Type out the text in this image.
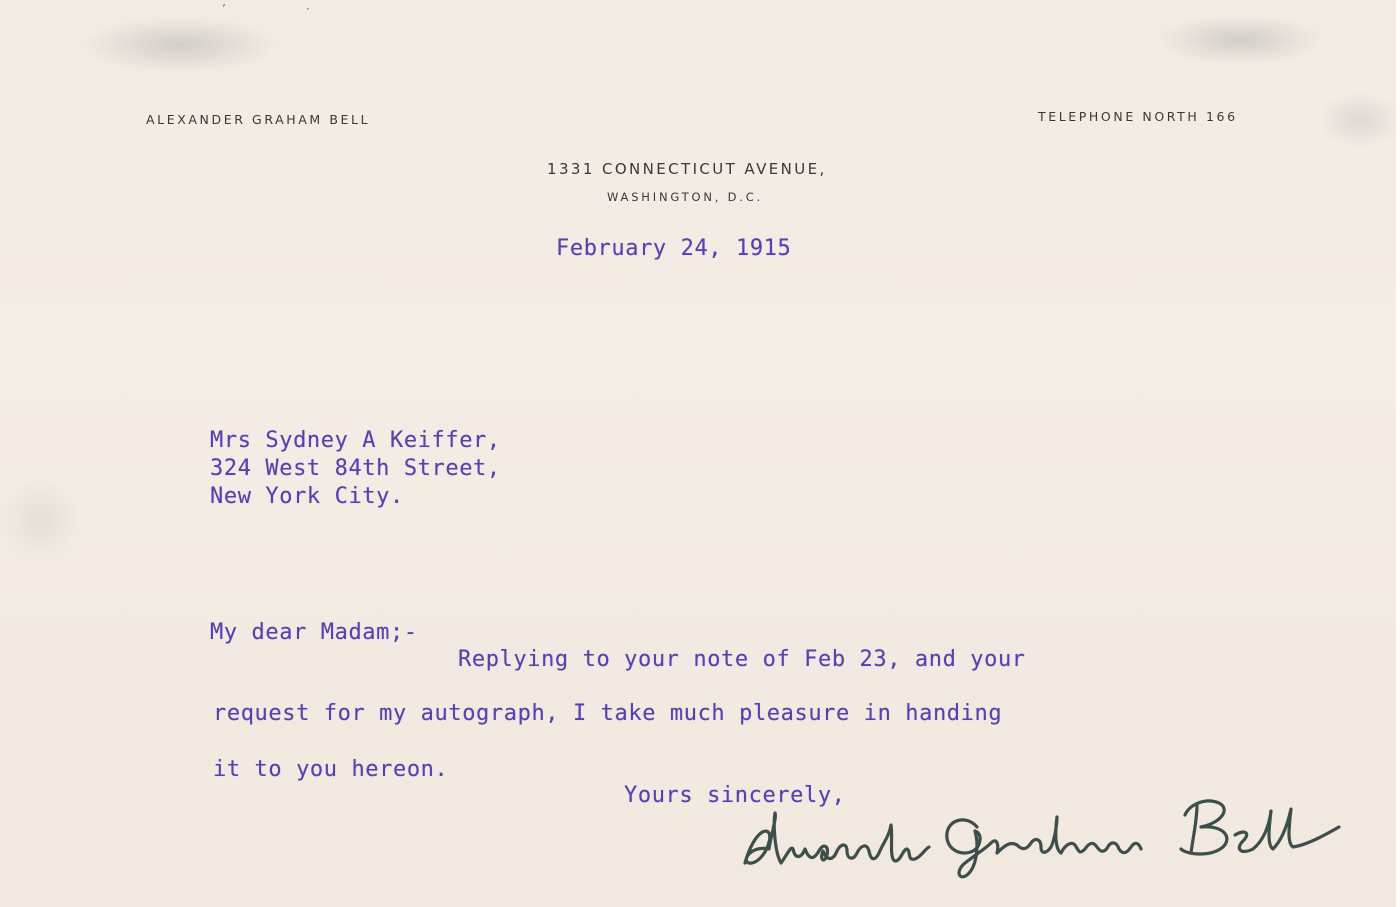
’                     ·
ALEXANDER GRAHAM BELL	TELEPHONE NORTH 166
1331 CONNECTICUT AVENUE,
WASHINGTON, D.C.
February 24, 1915
Mrs Sydney A Keiffer,
324 West 84th Street,
New York City.
My dear Madam;-
Replying to your note of Feb 23, and your
request for my autograph, I take much pleasure in handing
it to you hereon.
Yours sincerely,
